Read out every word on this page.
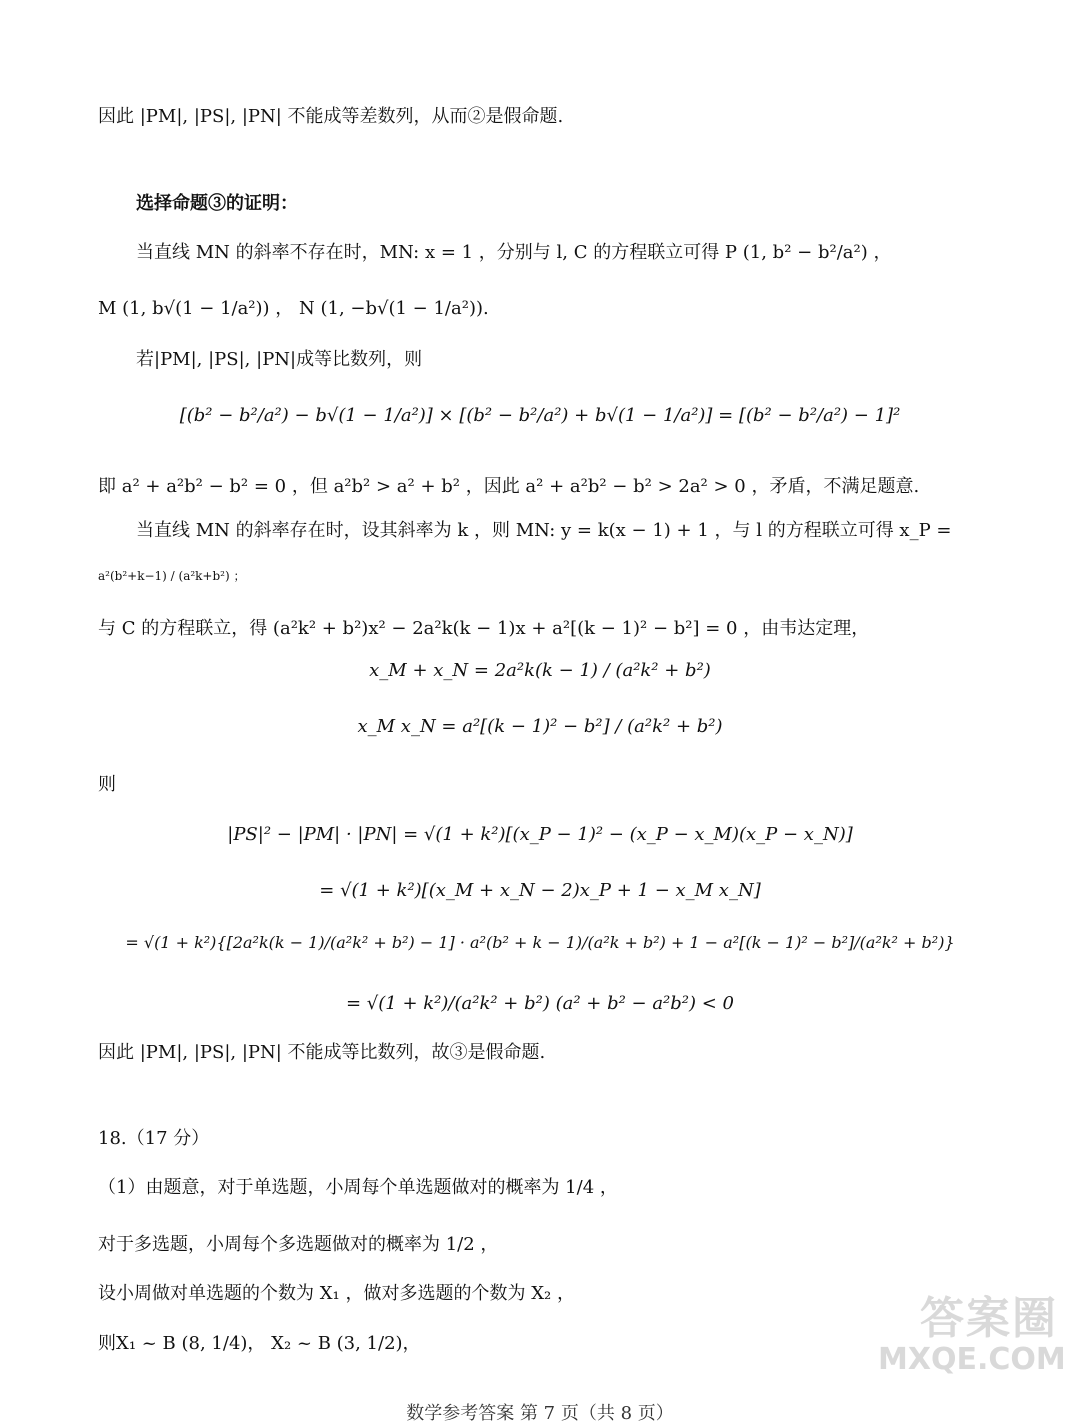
因此 |PM|, |PS|, |PN| 不能成等差数列，从而②是假命题.
选择命题③的证明：
当直线 MN 的斜率不存在时，MN: x = 1 ，分别与 l, C 的方程联立可得 P (1, b² − b²/a²) ，
M (1, b√(1 − 1/a²)) ， N (1, −b√(1 − 1/a²)).
若|PM|, |PS|, |PN|成等比数列，则
[(b² − b²/a²) − b√(1 − 1/a²)] × [(b² − b²/a²) + b√(1 − 1/a²)] = [(b² − b²/a²) − 1]²
即 a² + a²b² − b² = 0 ，但 a²b² > a² + b² ，因此 a² + a²b² − b² > 2a² > 0 ，矛盾，不满足题意.
当直线 MN 的斜率存在时，设其斜率为 k ，则 MN: y = k(x − 1) + 1 ，与 l 的方程联立可得 x_P =
a²(b²+k−1) / (a²k+b²) ；
与 C 的方程联立，得 (a²k² + b²)x² − 2a²k(k − 1)x + a²[(k − 1)² − b²] = 0 ，由韦达定理，
x_M + x_N = 2a²k(k − 1) / (a²k² + b²)
x_M x_N = a²[(k − 1)² − b²] / (a²k² + b²)
则
|PS|² − |PM| · |PN| = √(1 + k²)[(x_P − 1)² − (x_P − x_M)(x_P − x_N)]
= √(1 + k²)[(x_M + x_N − 2)x_P + 1 − x_M x_N]
= √(1 + k²){[2a²k(k − 1)/(a²k² + b²) − 1] · a²(b² + k − 1)/(a²k + b²) + 1 − a²[(k − 1)² − b²]/(a²k² + b²)}
= √(1 + k²)/(a²k² + b²) (a² + b² − a²b²) < 0
因此 |PM|, |PS|, |PN| 不能成等比数列，故③是假命题.
18.（17 分）
（1）由题意，对于单选题，小周每个单选题做对的概率为 1/4 ，
对于多选题，小周每个多选题做对的概率为 1/2 ，
设小周做对单选题的个数为 X₁ ，做对多选题的个数为 X₂ ，
则X₁ ~ B (8, 1/4)， X₂ ~ B (3, 1/2)，	答案圈
MXQE.COM
数学参考答案 第 7 页（共 8 页）
